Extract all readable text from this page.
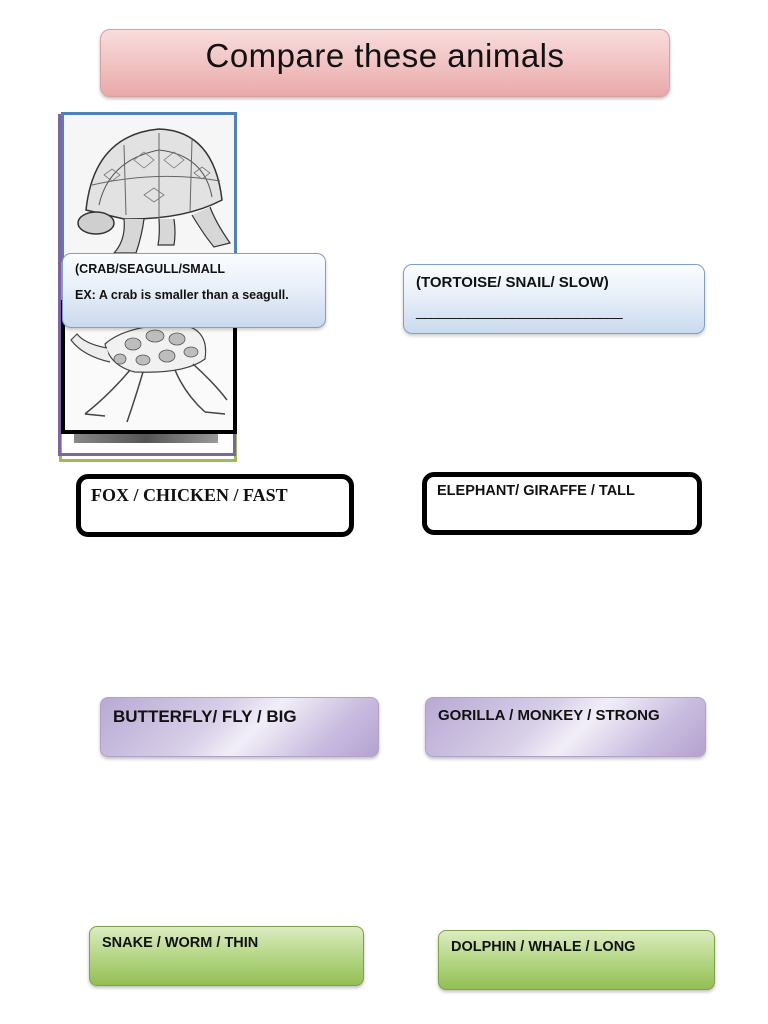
Compare these animals
(CRAB/SEAGULL/SMALL
EX: A crab is smaller than a seagull.
(TORTOISE/ SNAIL/ SLOW)
____________________________
FOX / CHICKEN / FAST	ELEPHANT/ GIRAFFE / TALL
BUTTERFLY/ FLY / BIG	GORILLA / MONKEY / STRONG
SNAKE / WORM / THIN	DOLPHIN / WHALE / LONG
